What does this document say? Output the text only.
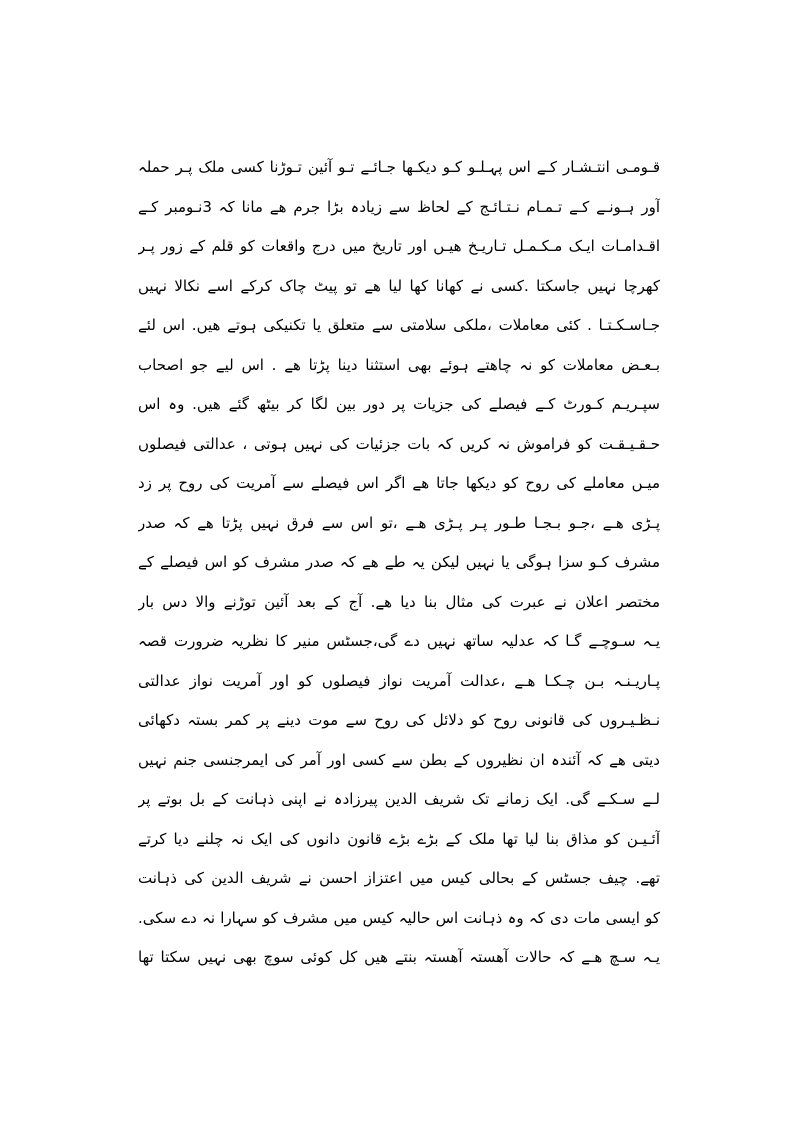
قـومـی انتـشـار کـے اس پہـلـو کـو دیکـھا جـائـے تـو آئین تـوڑنا کسی ملک پـر حملہ
آور ہـونـے کـے تـمـام نـتـائـج کے لحاظ سے زیادہ بڑا جرم ھے مانا کہ 3نـومبر کـے
اقـدامـات ایـک مـکـمـل تـاریـخ ھیـں اور تاریخ میں درج واقعات کو قلم کے زور پـر
کھرچا نہیں جاسکتا .کسی نے کھانا کھا لیا ھے تو پیٹ چاک کرکے اسے نکالا نہیں
جـاسـکـتـا . کئی معاملات ،ملکی سلامتی سے متعلق یا تکنیکی ہوتے ھیں. اس لئے
بـعـض معاملات کو نہ چاھتے ہوئے بھی استثنا دینا پڑتا ھے . اس لیے جو اصحاب
سپـریـم کـورٹ کـے فیصلے کی جزیات پر دور بین لگا کر بیٹھ گئے ھیں. وہ اس
حـقـیـقـت کو فراموش نہ کریں کہ بات جزئیات کی نہیں ہوتی ، عدالتی فیصلوں
میـں معاملے کی روح کو دیکھا جاتا ھے اگر اس فیصلے سے آمریت کی روح پر زد
پـڑی ھـے ،جـو بـجـا طـور پـر پـڑی ھـے ،تو اس سے فرق نہیں پڑتا ھے کہ صدر
مشرف کـو سزا ہوگی یا نہیں لیکن یہ طے ھے کہ صدر مشرف کو اس فیصلے کے
مختصر اعلان نے عبرت کی مثال بنا دیا ھے. آج کے بعد آئین توڑنے والا دس بار
یـہ سـوچـے گـا کہ عدلیہ ساتھ نہیں دے گی،جسٹس منیر کا نظریہ ضرورت قصہ
پـاریـنـہ بـن چـکـا ھـے ،عدالت آمریت نواز فیصلوں کو اور آمریت نواز عدالتی
نـظـیـروں کی قانونی روح کو دلائل کی روح سے موت دینے پر کمر بستہ دکھائی
دیتی ھے کہ آئندہ ان نظیروں کے بطن سے کسی اور آمر کی ایمرجنسی جنم نہیں
لـے سـکـے گی. ایک زمانے تک شریف الدین پیرزادہ نے اپنی ذہانت کے بل بوتے پر
آئـیـن کو مذاق بنا لیا تھا ملک کے بڑے بڑے قانون دانوں کی ایک نہ چلنے دیا کرتے
تھے. چیف جسٹس کے بحالی کیس میں اعتزاز احسن نے شریف الدین کی ذہانت
کو ایسی مات دی کہ وہ ذہانت اس حالیہ کیس میں مشرف کو سہارا نہ دے سکی.
یـہ سـچ ھـے کہ حالات آھستہ آھستہ بنتے ھیں کل کوئی سوچ بھی نہیں سکتا تھا
